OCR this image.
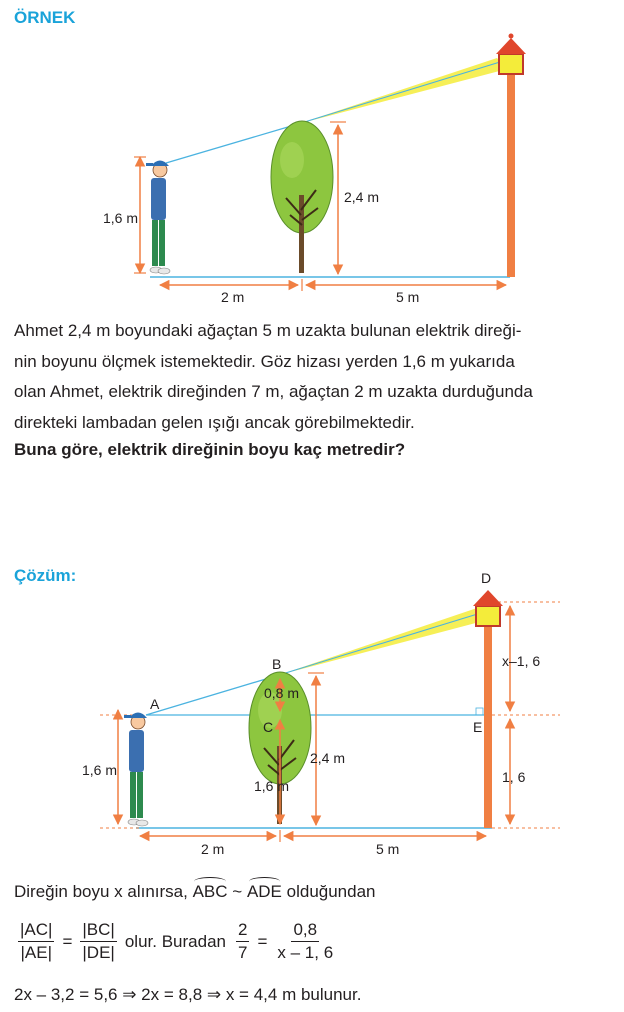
ÖRNEK
1,6 m
2,4 m
2 m	5 m
Ahmet 2,4 m boyundaki ağaçtan 5 m uzakta bulunan elektrik direği-
nin boyunu ölçmek istemektedir. Göz hizası yerden 1,6 m yukarıda
olan Ahmet, elektrik direğinden 7 m, ağaçtan 2 m uzakta durduğunda
direkteki lambadan gelen ışığı ancak görebilmektedir.
Buna göre, elektrik direğinin boyu kaç metredir?
Çözüm:
1,6 m
2,4 m
x–1, 6
1, 6
2 m	5 m
A
B
C
D
E
0,8 m
1,6 m
Direğin boyu x alınırsa, ABC ~ ADE olduğundan
$\frac{|AC|}{|AE|} = \frac{|BC|}{|DE|}$ olur. Buradan $\frac{2}{7} = \frac{0,8}{x - 1, 6}$
2x – 3,2 = 5,6 ⇒ 2x = 8,8 ⇒ x = 4,4 m bulunur.
